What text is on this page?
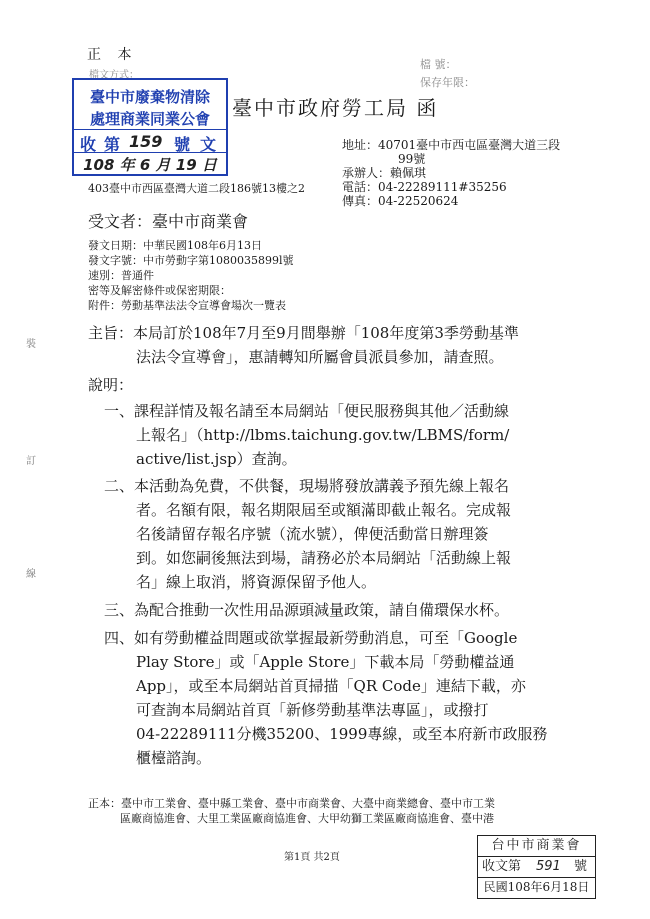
正 本
檔文方式：
檔 號：
保存年限：
臺中市廢棄物清除
處理商業同業公會
收 第 159 號 文
108 年 6 月 19 日
臺中市政府勞工局 函
地址：40701臺中市西屯區臺灣大道三段
99號
承辦人：賴佩琪
電話：04-22289111#35256
傳真：04-22520624
403臺中市西區臺灣大道二段186號13樓之2
受文者：臺中市商業會
發文日期：中華民國108年6月13日
發文字號：中市勞動字第1080035899l號
速別：普通件
密等及解密條件或保密期限：
附件：勞動基準法法令宣導會場次一覽表
主旨：本局訂於108年7月至9月間舉辦「108年度第3季勞動基準
法法令宣導會」，惠請轉知所屬會員派員參加，請查照。
說明：
一、課程詳情及報名請至本局網站「便民服務與其他／活動線
上報名」（http://lbms.taichung.gov.tw/LBMS/form/
active/list.jsp）查詢。
二、本活動為免費，不供餐，現場將發放講義予預先線上報名
者。名額有限，報名期限屆至或額滿即截止報名。完成報
名後請留存報名序號（流水號），俾便活動當日辦理簽
到。如您嗣後無法到場，請務必於本局網站「活動線上報
名」線上取消，將資源保留予他人。
三、為配合推動一次性用品源頭減量政策，請自備環保水杯。
四、如有勞動權益問題或欲掌握最新勞動消息，可至「Google
Play Store」或「Apple Store」下載本局「勞動權益通
App」，或至本局網站首頁掃描「QR Code」連結下載，亦
可查詢本局網站首頁「新修勞動基準法專區」，或撥打
04-22289111分機35200、1999專線，或至本府新市政服務
櫃檯諮詢。
正本：臺中市工業會、臺中縣工業會、臺中市商業會、大臺中商業總會、臺中市工業
區廠商協進會、大里工業區廠商協進會、大甲幼獅工業區廠商協進會、臺中港
第1頁 共2頁
裝
訂
線
台中市商業會
收文第 591 號
民國108年6月18日
